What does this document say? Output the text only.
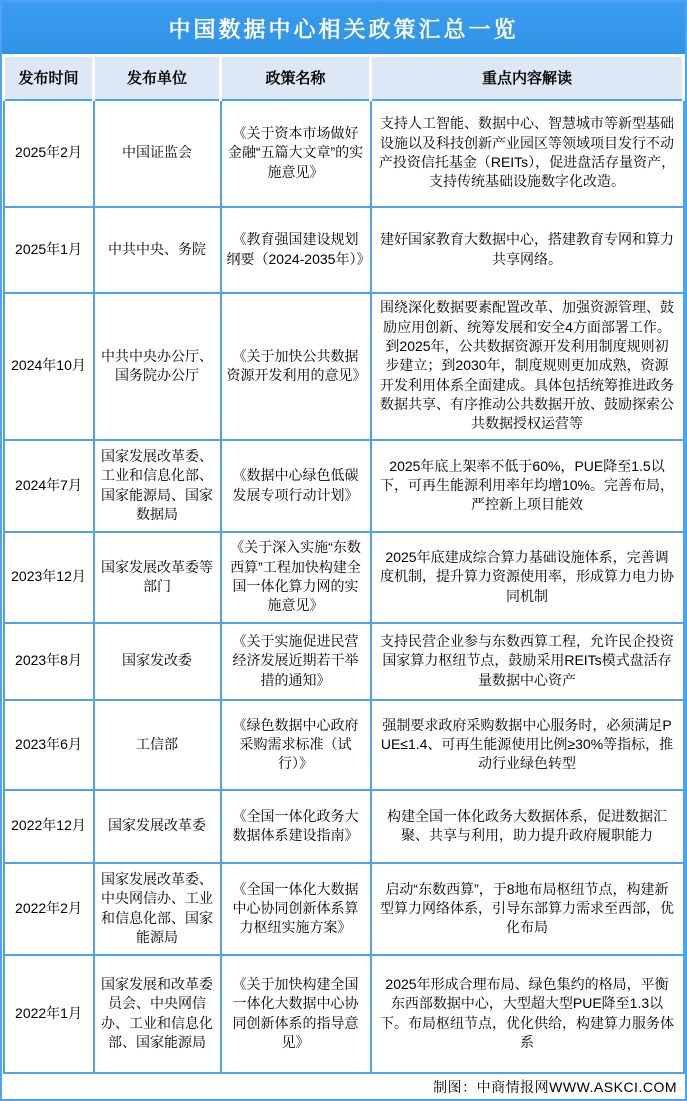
中国数据中心相关政策汇总一览
发布时间	发布单位	政策名称	重点内容解读
2025年2月	中国证监会	《关于资本市场做好金融“五篇大文章”的实施意见》	支持人工智能、数据中心、智慧城市等新型基础设施以及科技创新产业园区等领域项目发行不动产投资信托基金（REITs），促进盘活存量资产，支持传统基础设施数字化改造。
2025年1月	中共中央、务院	《教育强国建设规划纲要（2024-2035年）》	建好国家教育大数据中心，搭建教育专网和算力共享网络。
2024年10月	中共中央办公厅、国务院办公厅	《关于加快公共数据资源开发利用的意见》	围绕深化数据要素配置改革、加强资源管理、鼓励应用创新、统筹发展和安全4方面部署工作。到2025年，公共数据资源开发利用制度规则初步建立；到2030年，制度规则更加成熟，资源开发利用体系全面建成。具体包括统筹推进政务数据共享、有序推动公共数据开放、鼓励探索公共数据授权运营等
2024年7月	国家发展改革委、工业和信息化部、国家能源局、国家数据局	《数据中心绿色低碳发展专项行动计划》	2025年底上架率不低于60%，PUE降至1.5以下，可再生能源利用率年均增10%。完善布局，严控新上项目能效
2023年12月	国家发展改革委等部门	《关于深入实施“东数西算”工程加快构建全国一体化算力网的实施意见》	2025年底建成综合算力基础设施体系，完善调度机制，提升算力资源使用率，形成算力电力协同机制
2023年8月	国家发改委	《关于实施促进民营经济发展近期若干举措的通知》	支持民营企业参与东数西算工程，允许民企投资国家算力枢纽节点，鼓励采用REITs模式盘活存量数据中心资产
2023年6月	工信部	《绿色数据中心政府采购需求标准（试行）》	强制要求政府采购数据中心服务时，必须满足PUE≤1.4、可再生能源使用比例≥30%等指标，推动行业绿色转型
2022年12月	国家发展改革委	《全国一体化政务大数据体系建设指南》	构建全国一体化政务大数据体系，促进数据汇聚、共享与利用，助力提升政府履职能力
2022年2月	国家发展改革委、中央网信办、工业和信息化部、国家能源局	《全国一体化大数据中心协同创新体系算力枢纽实施方案》	启动“东数西算”，于8地布局枢纽节点，构建新型算力网络体系，引导东部算力需求至西部，优化布局
2022年1月	国家发展和改革委员会、中央网信办、工业和信息化部、国家能源局	《关于加快构建全国一体化大数据中心协同创新体系的指导意见》	2025年形成合理布局、绿色集约的格局，平衡东西部数据中心，大型超大型PUE降至1.3以下。布局枢纽节点，优化供给，构建算力服务体系
制图：中商情报网WWW.ASKCI.COM
